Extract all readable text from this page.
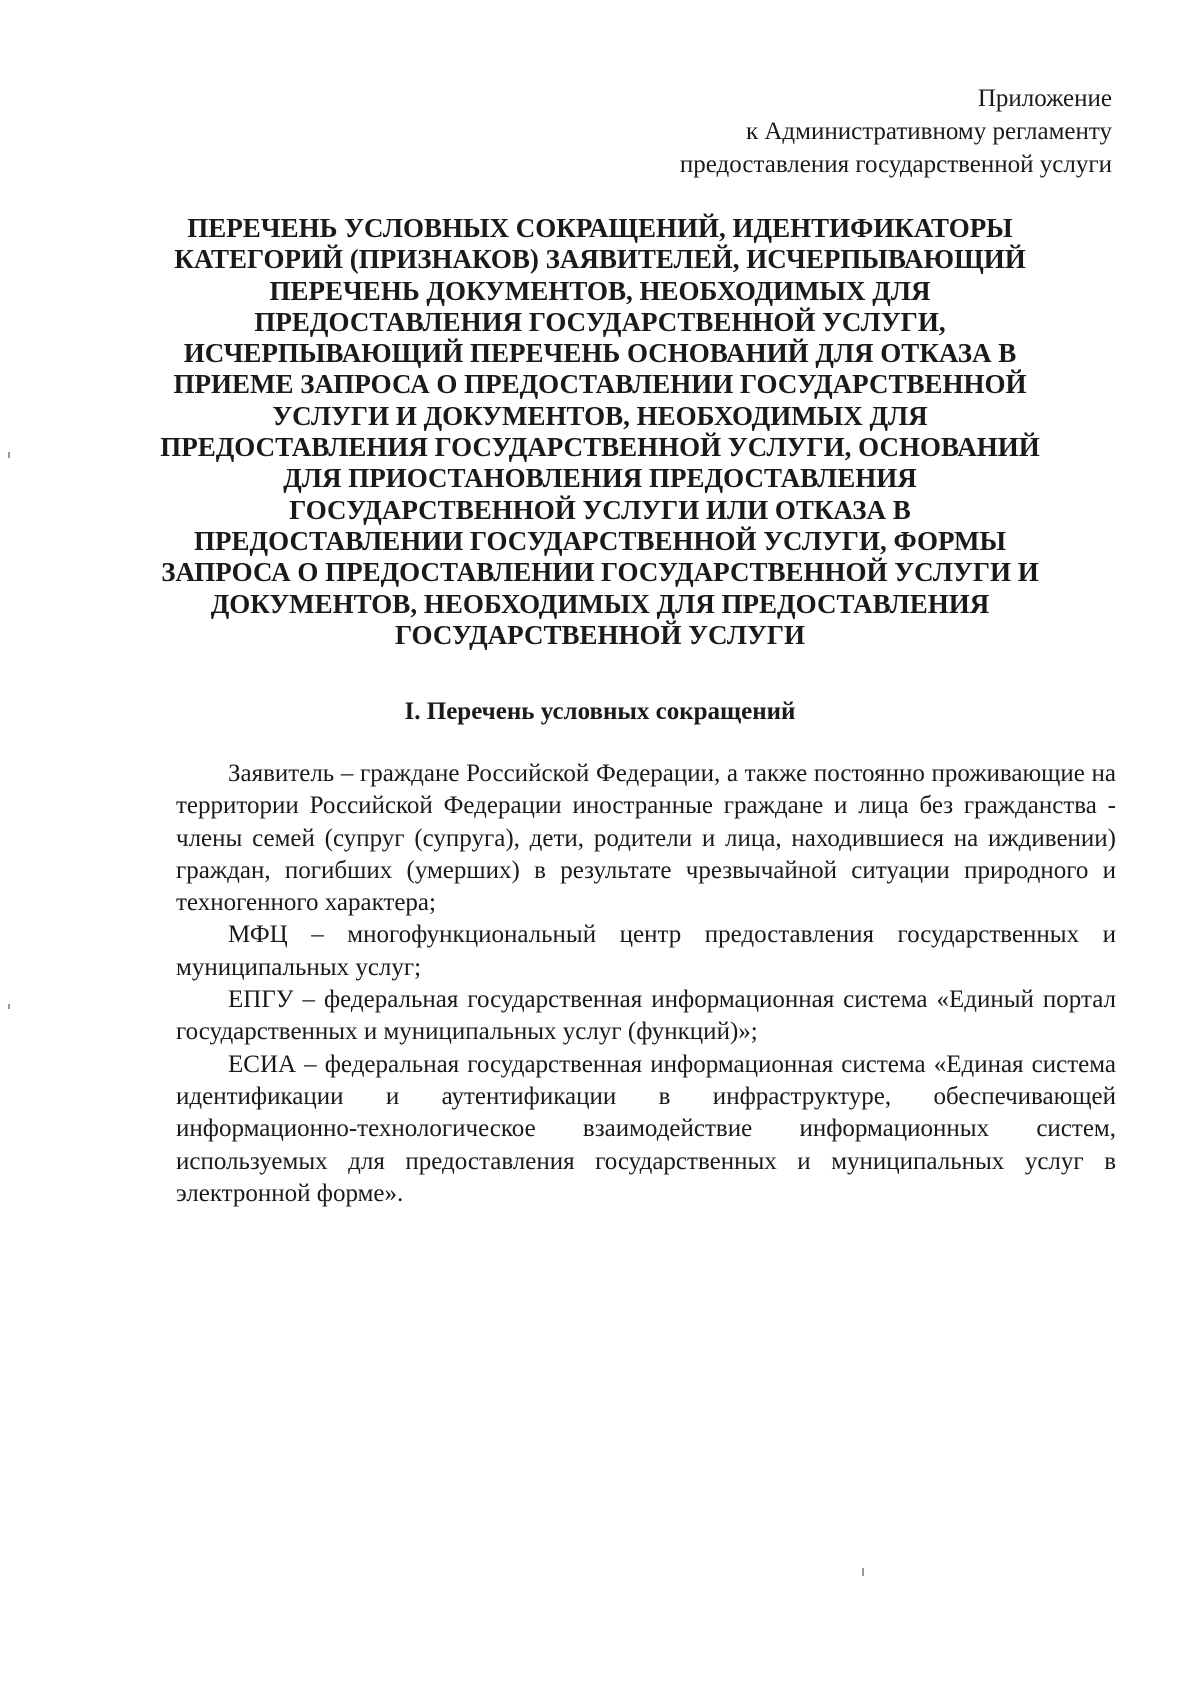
Приложение
к Административному регламенту
предоставления государственной услуги
ПЕРЕЧЕНЬ УСЛОВНЫХ СОКРАЩЕНИЙ, ИДЕНТИФИКАТОРЫ
КАТЕГОРИЙ (ПРИЗНАКОВ) ЗАЯВИТЕЛЕЙ, ИСЧЕРПЫВАЮЩИЙ
ПЕРЕЧЕНЬ ДОКУМЕНТОВ, НЕОБХОДИМЫХ ДЛЯ
ПРЕДОСТАВЛЕНИЯ ГОСУДАРСТВЕННОЙ УСЛУГИ,
ИСЧЕРПЫВАЮЩИЙ ПЕРЕЧЕНЬ ОСНОВАНИЙ ДЛЯ ОТКАЗА В
ПРИЕМЕ ЗАПРОСА О ПРЕДОСТАВЛЕНИИ ГОСУДАРСТВЕННОЙ
УСЛУГИ И ДОКУМЕНТОВ, НЕОБХОДИМЫХ ДЛЯ
ПРЕДОСТАВЛЕНИЯ ГОСУДАРСТВЕННОЙ УСЛУГИ, ОСНОВАНИЙ
ДЛЯ ПРИОСТАНОВЛЕНИЯ ПРЕДОСТАВЛЕНИЯ
ГОСУДАРСТВЕННОЙ УСЛУГИ ИЛИ ОТКАЗА В
ПРЕДОСТАВЛЕНИИ ГОСУДАРСТВЕННОЙ УСЛУГИ, ФОРМЫ
ЗАПРОСА О ПРЕДОСТАВЛЕНИИ ГОСУДАРСТВЕННОЙ УСЛУГИ И
ДОКУМЕНТОВ, НЕОБХОДИМЫХ ДЛЯ ПРЕДОСТАВЛЕНИЯ
ГОСУДАРСТВЕННОЙ УСЛУГИ
I. Перечень условных сокращений

Заявитель – граждане Российской Федерации, а также постоянно проживающие на территории Российской Федерации иностранные граждане и лица без гражданства - члены семей (супруг (супруга), дети, родители и лица, находившиеся на иждивении) граждан, погибших (умерших) в результате чрезвычайной ситуации природного и техногенного характера;

МФЦ – многофункциональный центр предоставления государственных и муниципальных услуг;

ЕПГУ – федеральная государственная информационная система «Единый портал государственных и муниципальных услуг (функций)»;

ЕСИА – федеральная государственная информационная система «Единая система идентификации и аутентификации в инфраструктуре, обеспечивающей информационно-технологическое взаимодействие информационных систем, используемых для предоставления государственных и муниципальных услуг в электронной форме».
